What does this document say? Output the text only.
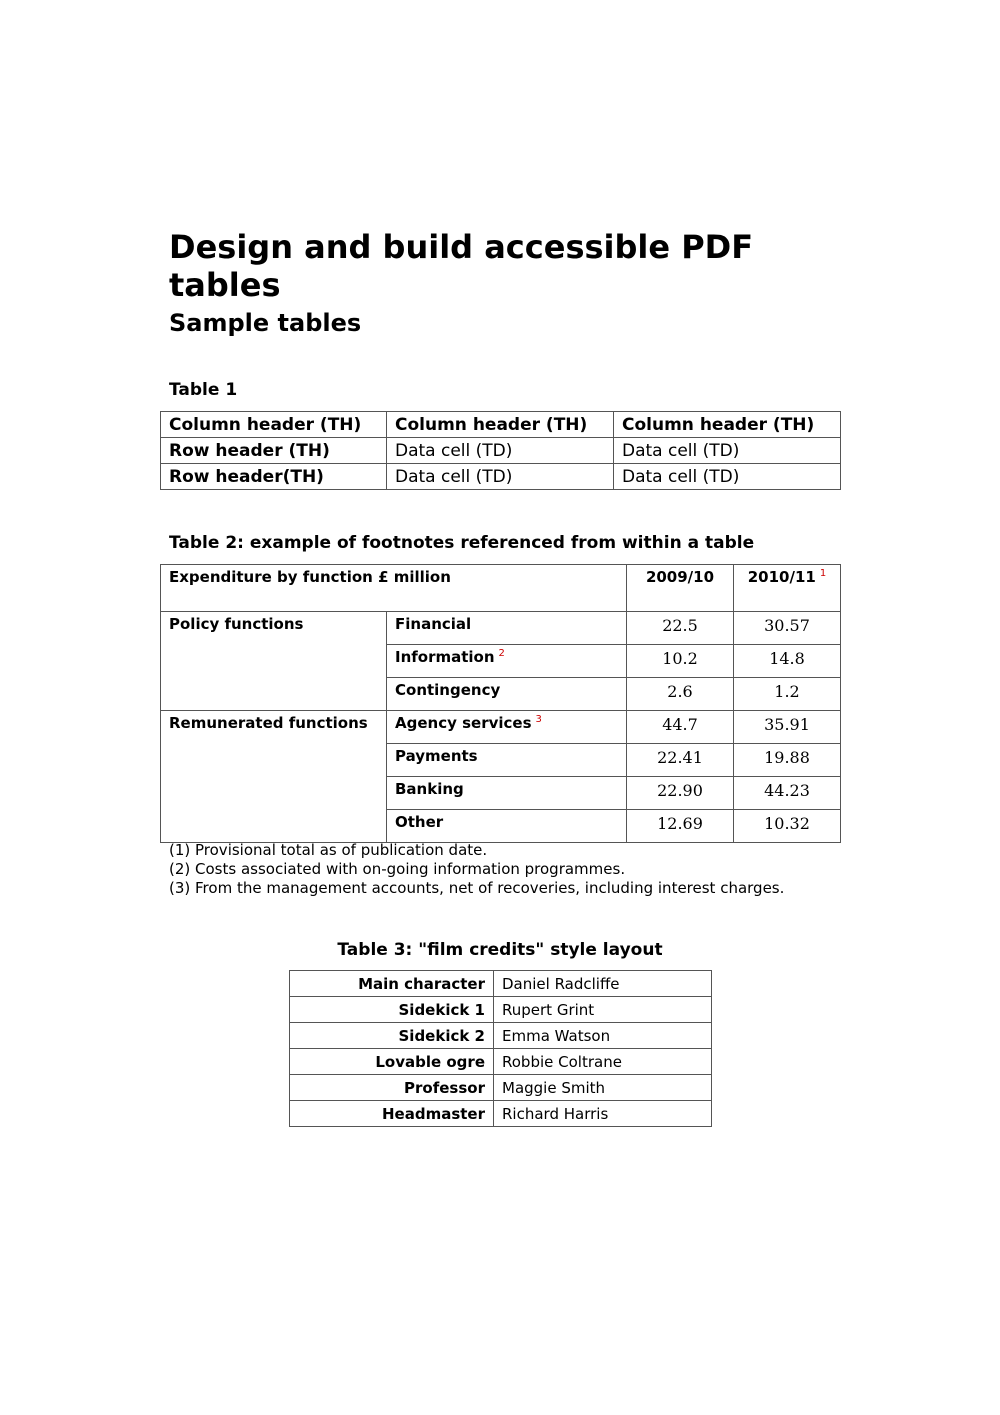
Design and build accessible PDF tables
Sample tables
Table 1
Column header (TH)	Column header (TH)	Column header (TH)
Row header (TH)	Data cell (TD)	Data cell (TD)
Row header(TH)	Data cell (TD)	Data cell (TD)
Table 2: example of footnotes referenced from within a table
Expenditure by function £ million		2009/10	2010/11 $^1$
Policy functions	Financial	22.5	30.57
	Information $^2$	10.2	14.8
	Contingency	2.6	1.2
Remunerated functions	Agency services $^3$	44.7	35.91
	Payments	22.41	19.88
	Banking	22.90	44.23
	Other	12.69	10.32
(1) Provisional total as of publication date.
(2) Costs associated with on-going information programmes.
(3) From the management accounts, net of recoveries, including interest charges.
Table 3: "film credits" style layout
Main character	Daniel Radcliffe
Sidekick 1	Rupert Grint
Sidekick 2	Emma Watson
Lovable ogre	Robbie Coltrane
Professor	Maggie Smith
Headmaster	Richard Harris
